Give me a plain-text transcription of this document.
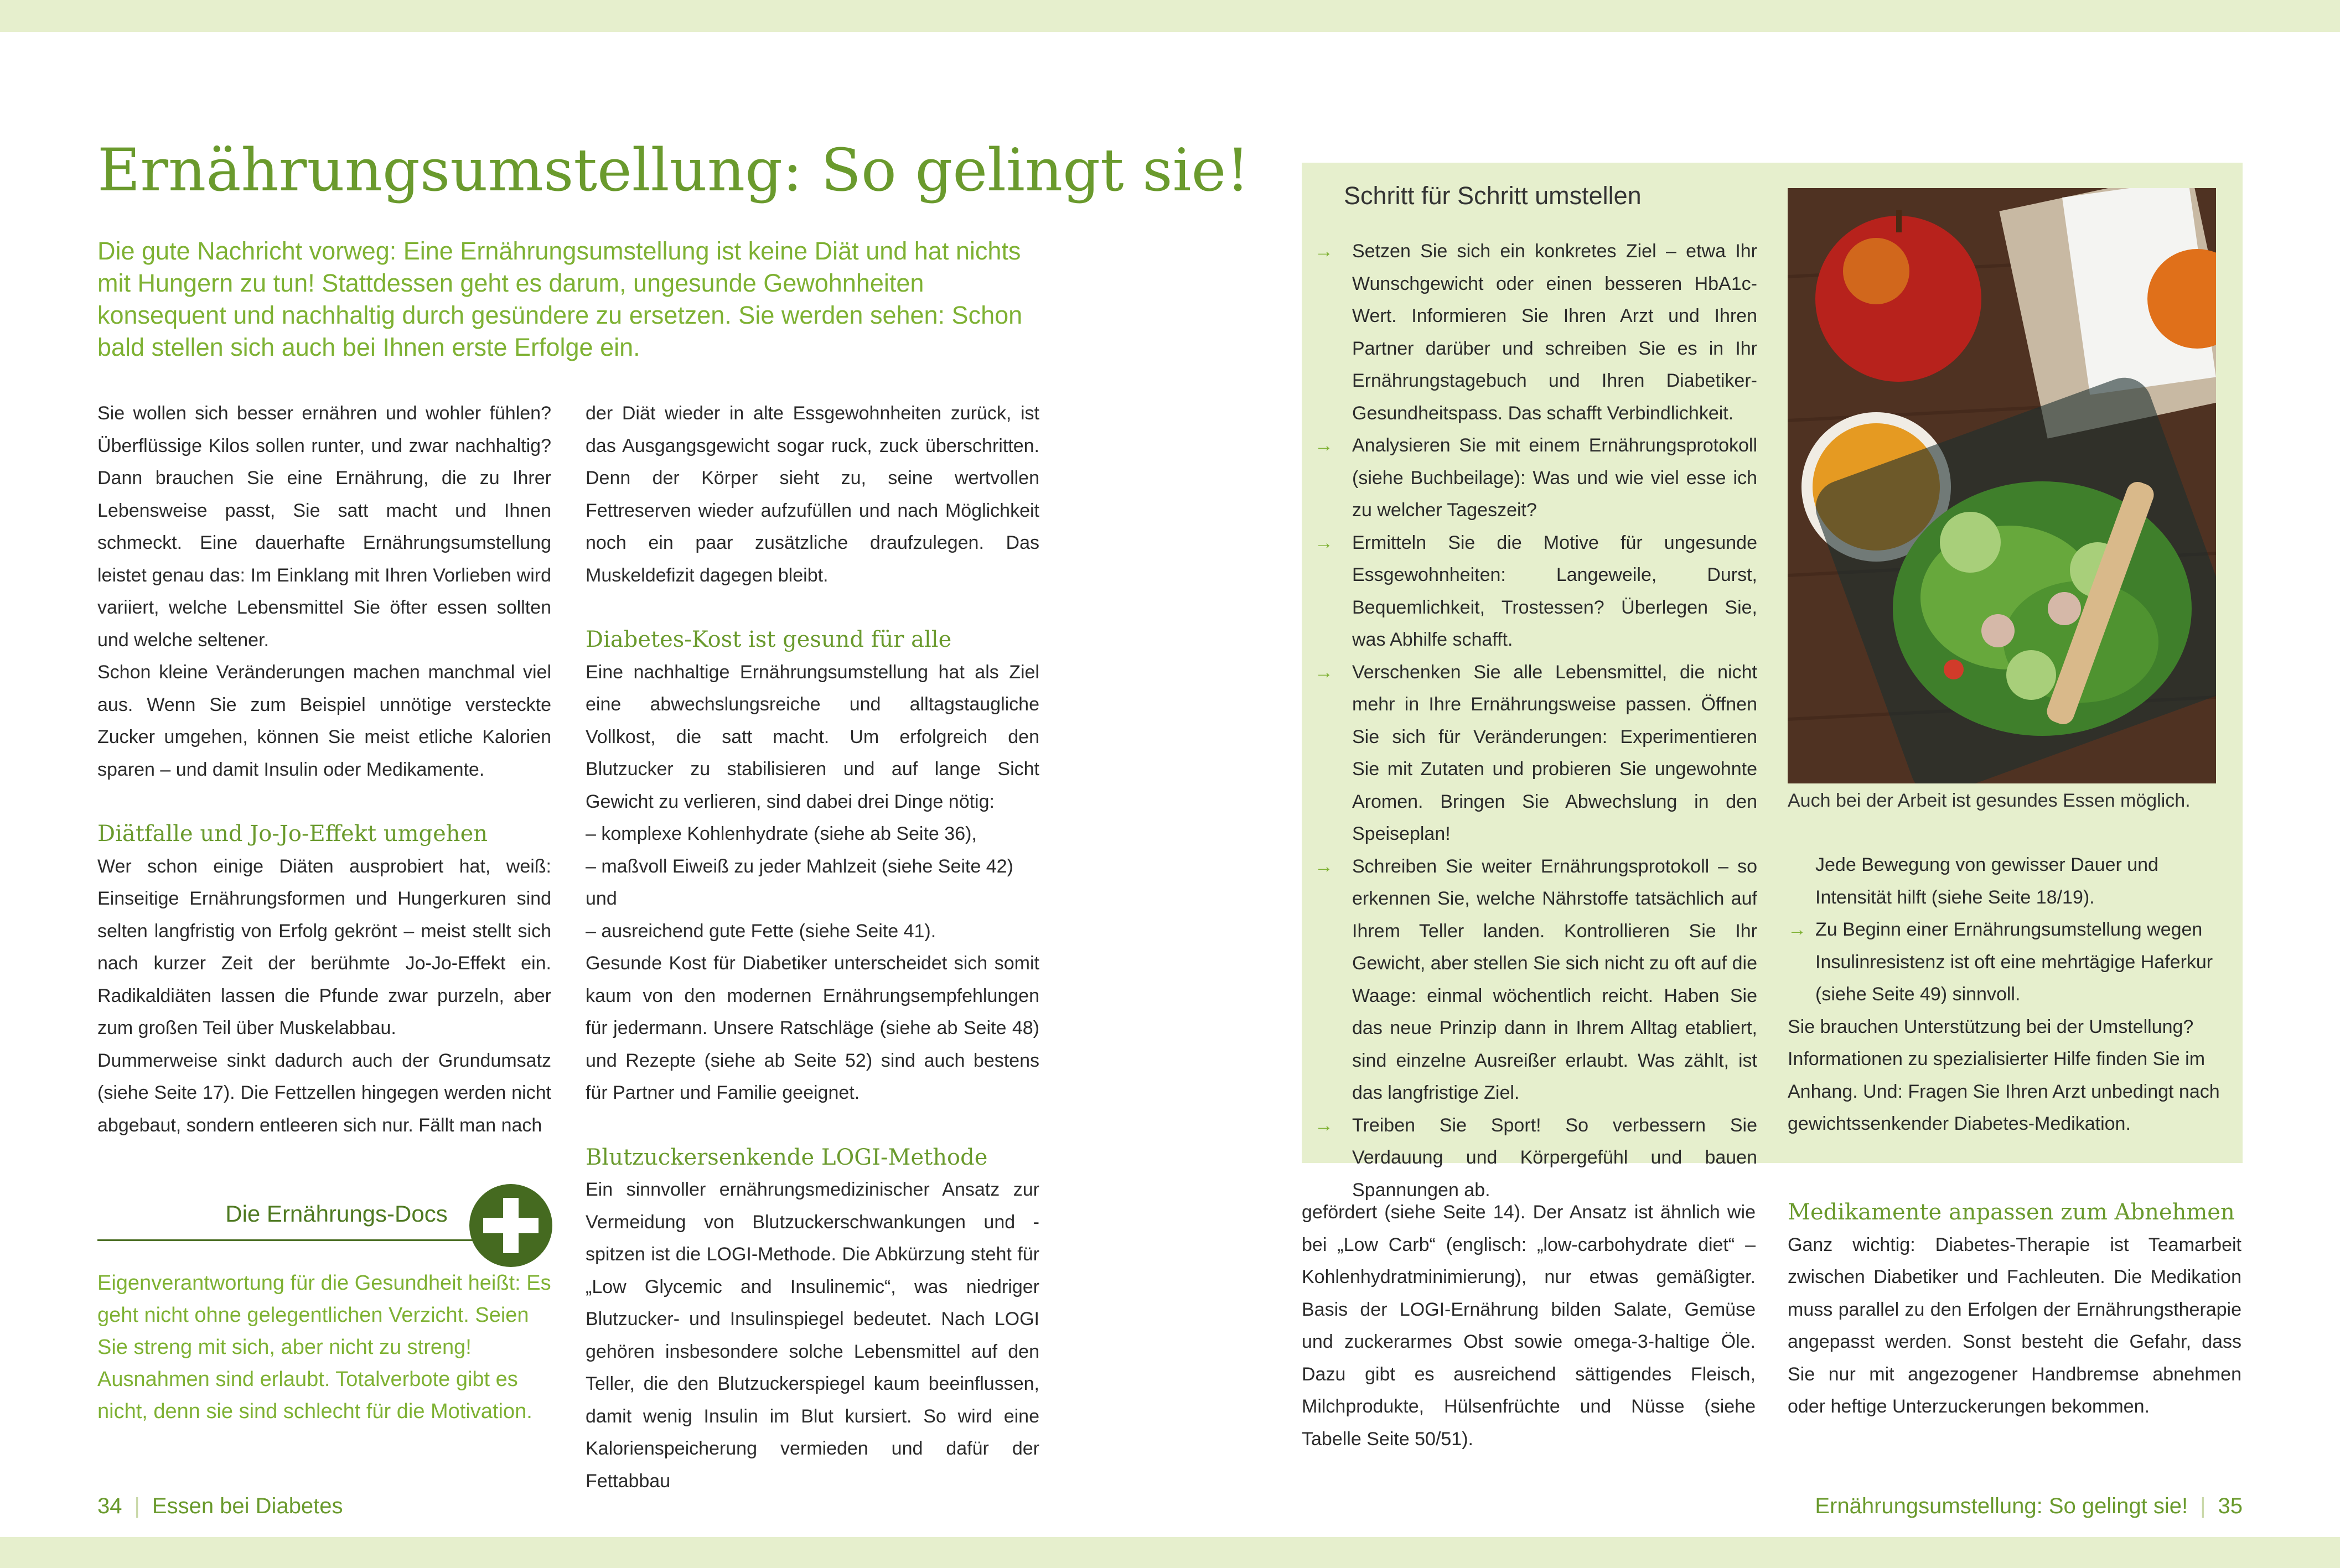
Ernährungsumstellung: So gelingt sie!
Die gute Nachricht vorweg: Eine Ernährungsumstellung ist keine Diät und hat nichts mit Hungern zu tun! Stattdessen geht es darum, ungesunde Gewohnheiten konsequent und nachhaltig durch gesündere zu ersetzen. Sie werden sehen: Schon bald stellen sich auch bei Ihnen erste Erfolge ein.

Sie wollen sich besser ernähren und wohler fühlen? Überflüssige Kilos sollen runter, und zwar nachhaltig? Dann brauchen Sie eine Ernährung, die zu Ihrer Lebensweise passt, Sie satt macht und Ihnen schmeckt. Eine dauerhafte Ernährungsumstellung leistet genau das: Im Einklang mit Ihren Vorlieben wird variiert, welche Lebensmittel Sie öfter essen sollten und welche seltener.

Schon kleine Veränderungen machen manchmal viel aus. Wenn Sie zum Beispiel unnötige versteckte Zucker umgehen, können Sie meist etliche Kalorien sparen – und damit Insulin oder Medikamente.

Diätfalle und Jo-Jo-Effekt umgehen

Wer schon einige Diäten ausprobiert hat, weiß: Einseitige Ernährungsformen und Hungerkuren sind selten langfristig von Erfolg gekrönt – meist stellt sich nach kurzer Zeit der berühmte Jo-Jo-Effekt ein. Radikaldiäten lassen die Pfunde zwar purzeln, aber zum großen Teil über Muskelabbau.

Dummerweise sinkt dadurch auch der Grundumsatz (siehe Seite 17). Die Fettzellen hingegen werden nicht abgebaut, sondern entleeren sich nur. Fällt man nach

der Diät wieder in alte Essgewohnheiten zurück, ist das Ausgangsgewicht sogar ruck, zuck überschritten. Denn der Körper sieht zu, seine wertvollen Fettreserven wieder aufzufüllen und nach Möglichkeit noch ein paar zusätzliche draufzulegen. Das Muskeldefizit dagegen bleibt.

Diabetes-Kost ist gesund für alle

Eine nachhaltige Ernährungsumstellung hat als Ziel eine abwechslungsreiche und alltagstaugliche Vollkost, die satt macht. Um erfolgreich den Blutzucker zu stabilisieren und auf lange Sicht Gewicht zu verlieren, sind dabei drei Dinge nötig:

– komplexe Kohlenhydrate (siehe ab Seite 36),

– maßvoll Eiweiß zu jeder Mahlzeit (siehe Seite 42) und

– ausreichend gute Fette (siehe Seite 41).

Gesunde Kost für Diabetiker unterscheidet sich somit kaum von den modernen Ernährungsempfehlungen für jedermann. Unsere Ratschläge (siehe ab Seite 48) und Rezepte (siehe ab Seite 52) sind auch bestens für Partner und Familie geeignet.

Blutzuckersenkende LOGI-Methode

Ein sinnvoller ernährungsmedizinischer Ansatz zur Vermeidung von Blutzuckerschwankungen und -spitzen ist die LOGI-Methode. Die Abkürzung steht für „Low Glycemic and Insulinemic“, was niedriger Blutzucker- und Insulinspiegel bedeutet. Nach LOGI gehören insbesondere solche Lebensmittel auf den Teller, die den Blutzuckerspiegel kaum beeinflussen, damit wenig Insulin im Blut kursiert. So wird eine Kalorienspeicherung vermieden und dafür der Fettabbau

Die Ernährungs-Docs
Eigenverantwortung für die Gesundheit heißt: Es geht nicht ohne gelegentlichen Verzicht. Seien Sie streng mit sich, aber nicht zu streng! Ausnahmen sind erlaubt. Totalverbote gibt es nicht, denn sie sind schlecht für die Motivation.
Schritt für Schritt umstellen
→ Setzen Sie sich ein konkretes Ziel – etwa Ihr Wunschgewicht oder einen besseren HbA1c-Wert. Informieren Sie Ihren Arzt und Ihren Partner darüber und schreiben Sie es in Ihr Ernährungstagebuch und Ihren Diabetiker-Gesundheitspass. Das schafft Verbindlichkeit.
→ Analysieren Sie mit einem Ernährungsprotokoll (siehe Buchbeilage): Was und wie viel esse ich zu welcher Tageszeit?
→ Ermitteln Sie die Motive für ungesunde Essgewohnheiten: Langeweile, Durst, Bequemlichkeit, Trostessen? Überlegen Sie, was Abhilfe schafft.
→ Verschenken Sie alle Lebensmittel, die nicht mehr in Ihre Ernährungsweise passen. Öffnen Sie sich für Veränderungen: Experimentieren Sie mit Zutaten und probieren Sie ungewohnte Aromen. Bringen Sie Abwechslung in den Speiseplan!
→ Schreiben Sie weiter Ernährungsprotokoll – so erkennen Sie, welche Nährstoffe tatsächlich auf Ihrem Teller landen. Kontrollieren Sie Ihr Gewicht, aber stellen Sie sich nicht zu oft auf die Waage: einmal wöchentlich reicht. Haben Sie das neue Prinzip dann in Ihrem Alltag etabliert, sind einzelne Ausreißer erlaubt. Was zählt, ist das langfristige Ziel.
→ Treiben Sie Sport! So verbessern Sie Verdauung und Körpergefühl und bauen Spannungen ab.
Auch bei der Arbeit ist gesundes Essen möglich.

Jede Bewegung von gewisser Dauer und Intensität hilft (siehe Seite 18/19).

→ Zu Beginn einer Ernährungsumstellung wegen Insulinresistenz ist oft eine mehrtägige Haferkur (siehe Seite 49) sinnvoll.

Sie brauchen Unterstützung bei der Umstellung? Informationen zu spezialisierter Hilfe finden Sie im Anhang. Und: Fragen Sie Ihren Arzt unbedingt nach gewichtssenkender Diabetes-Medikation.

gefördert (siehe Seite 14). Der Ansatz ist ähnlich wie bei „Low Carb“ (englisch: „low-carbohydrate diet“ – Kohlenhydratminimierung), nur etwas gemäßigter. Basis der LOGI-Ernährung bilden Salate, Gemüse und zuckerarmes Obst sowie omega-3-haltige Öle. Dazu gibt es ausreichend sättigendes Fleisch, Milchprodukte, Hülsenfrüchte und Nüsse (siehe Tabelle Seite 50/51).

Medikamente anpassen zum Abnehmen

Ganz wichtig: Diabetes-Therapie ist Teamarbeit zwischen Diabetiker und Fachleuten. Die Medikation muss parallel zu den Erfolgen der Ernährungstherapie angepasst werden. Sonst besteht die Gefahr, dass Sie nur mit angezogener Handbremse abnehmen oder heftige Unterzuckerungen bekommen.

34 | Essen bei Diabetes	Ernährungsumstellung: So gelingt sie! | 35
